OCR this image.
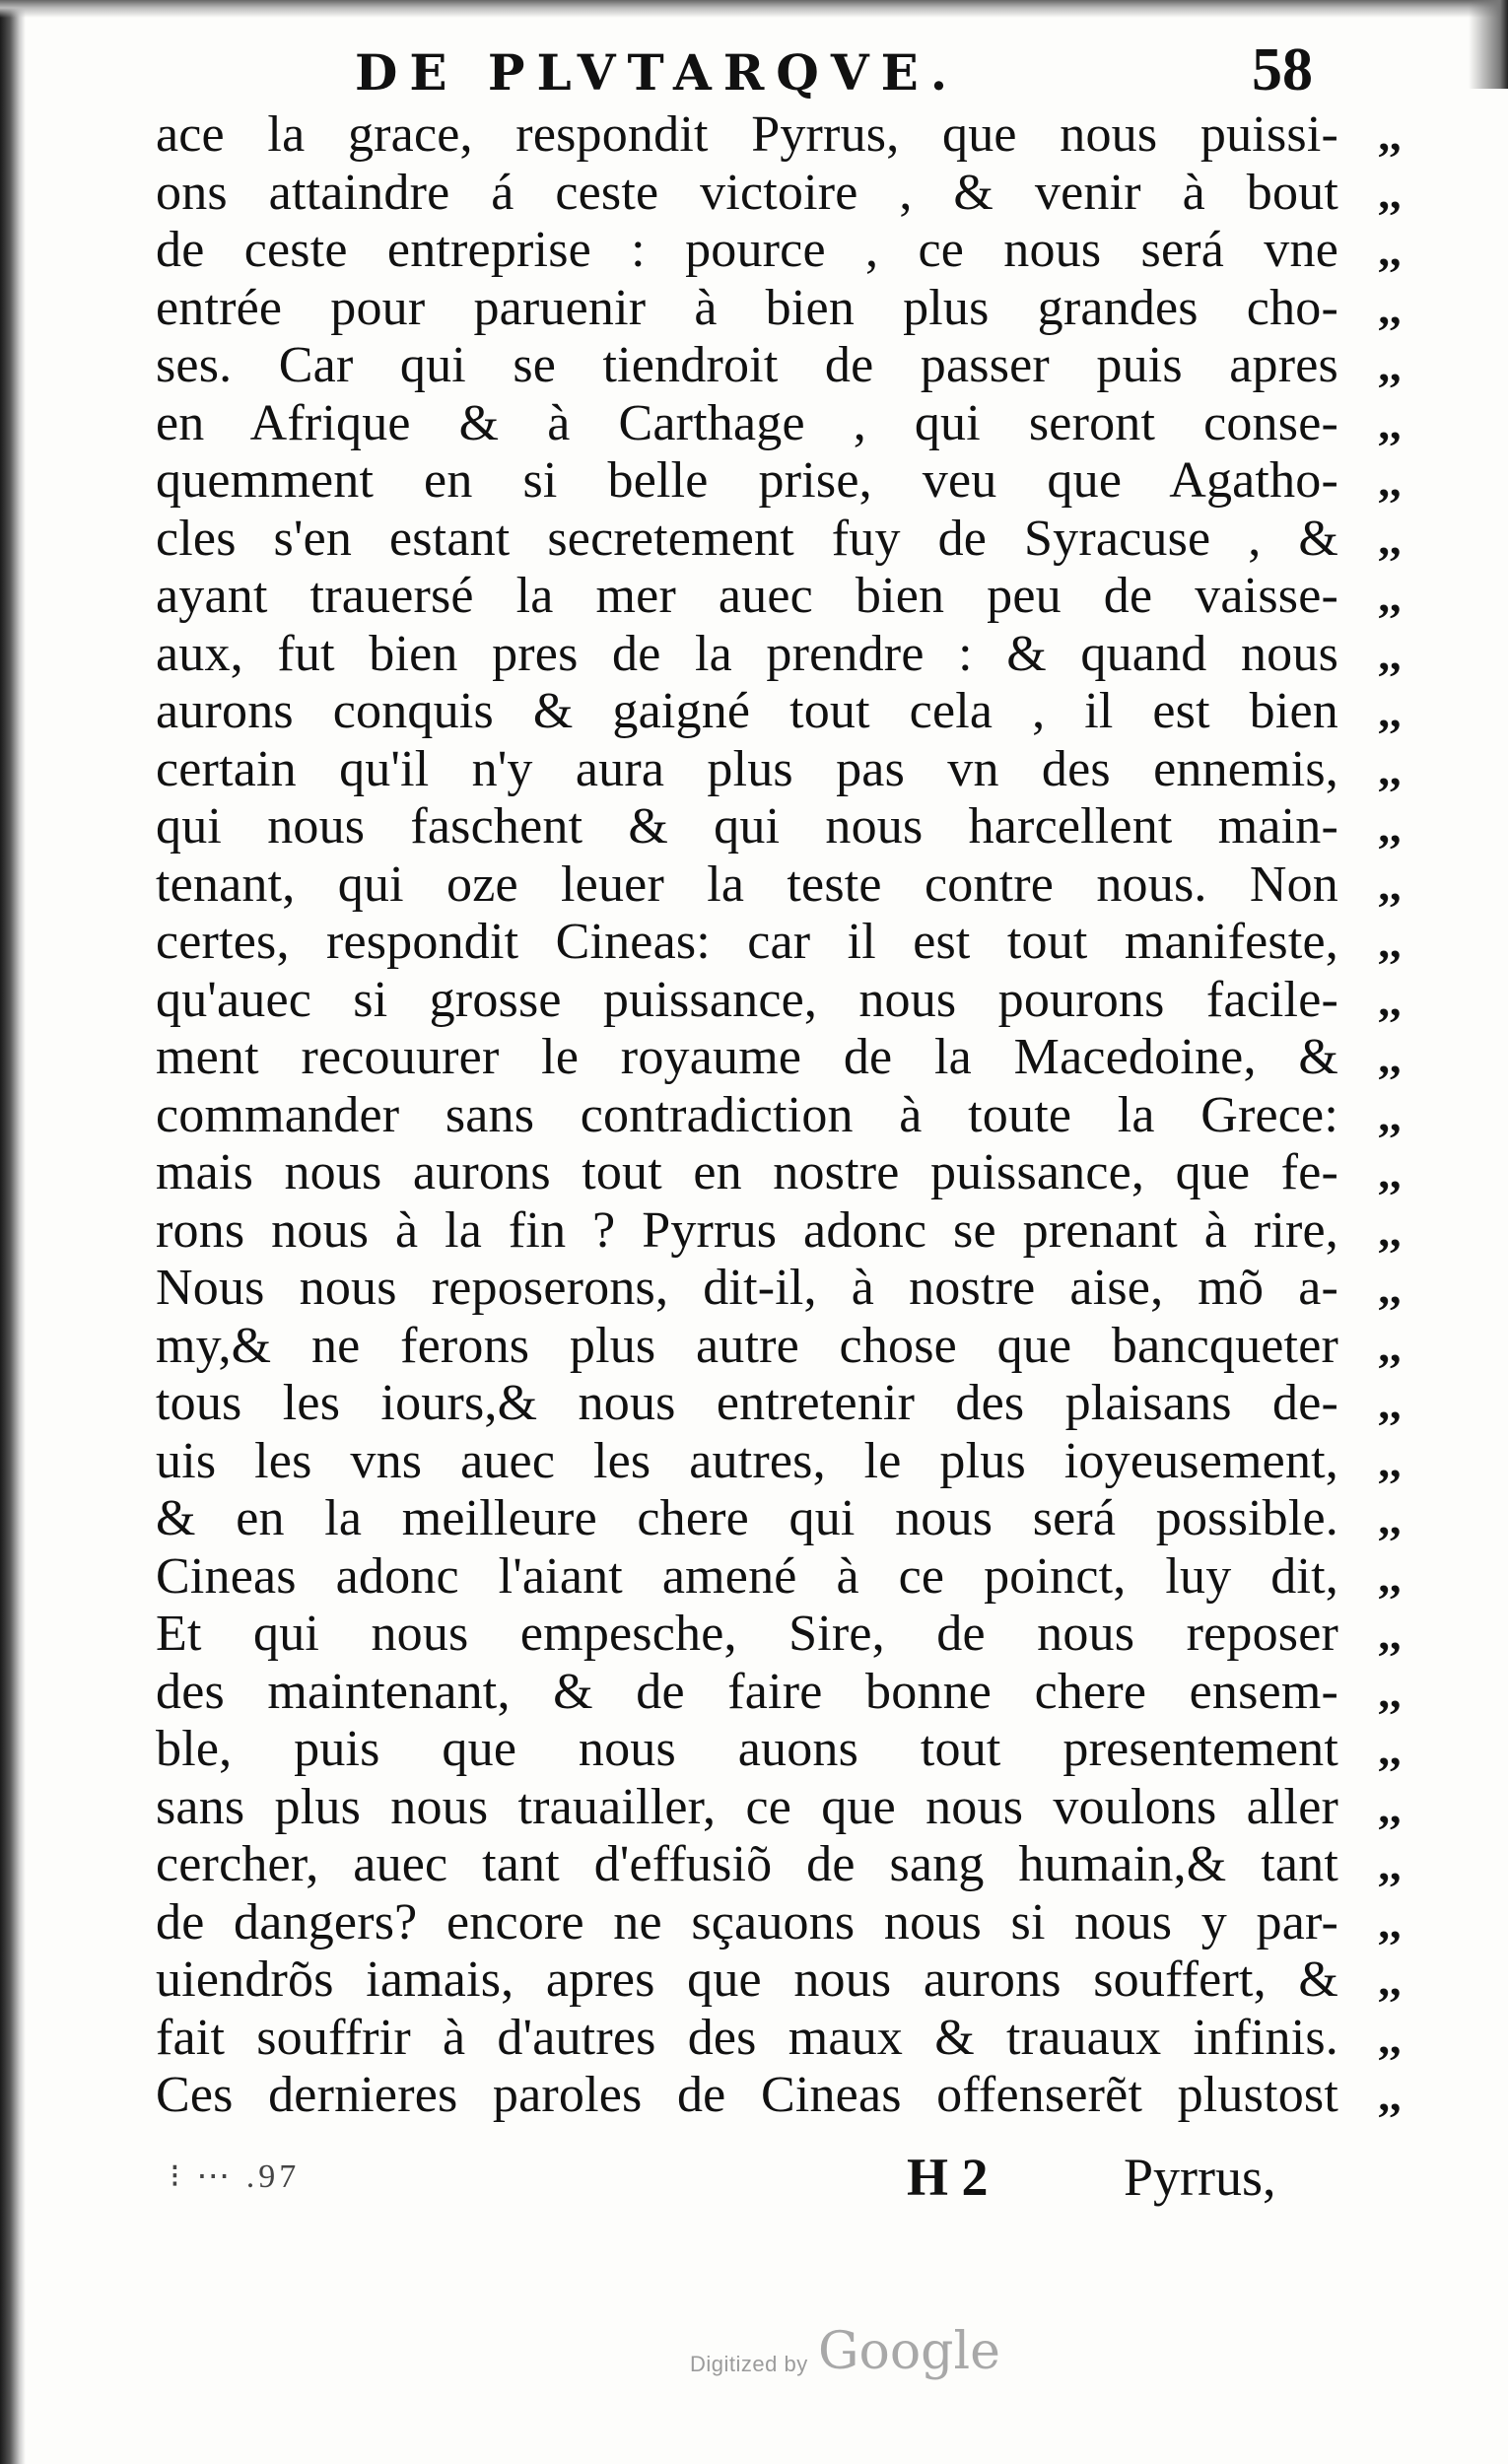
DE PLVTARQVE.	58
ace la grace, respondit Pyrrus, que nous puissi-
ons attaindre á ceste victoire , & venir à bout
de ceste entreprise : pource , ce nous será vne
entrée pour paruenir à bien plus grandes cho-
ses. Car qui se tiendroit de passer puis apres
en Afrique & à Carthage , qui seront conse-
quemment en si belle prise, veu que Agatho-
cles s'en estant secretement fuy de Syracuse , &
ayant trauersé la mer auec bien peu de vaisse-
aux, fut bien pres de la prendre : & quand nous
aurons conquis & gaigné tout cela , il est bien
certain qu'il n'y aura plus pas vn des ennemis,
qui nous faschent & qui nous harcellent main-
tenant, qui oze leuer la teste contre nous. Non
certes, respondit Cineas: car il est tout manifeste,
qu'auec si grosse puissance, nous pourons facile-
ment recouurer le royaume de la Macedoine, &
commander sans contradiction à toute la Grece:
mais nous aurons tout en nostre puissance, que fe-
rons nous à la fin ? Pyrrus adonc se prenant à rire,
Nous nous reposerons, dit-il, à nostre aise, mõ a-
my,& ne ferons plus autre chose que bancqueter
tous les iours,& nous entretenir des plaisans de-
uis les vns auec les autres, le plus ioyeusement,
& en la meilleure chere qui nous será possible.
Cineas adonc l'aiant amené à ce poinct, luy dit,
Et qui nous empesche, Sire, de nous reposer
des maintenant, & de faire bonne chere ensem-
ble, puis que nous auons tout presentement
sans plus nous trauailler, ce que nous voulons aller
cercher, auec tant d'effusiõ de sang humain,& tant
de dangers? encore ne sçauons nous si nous y par-
uiendrõs iamais, apres que nous aurons souffert, &
fait souffrir à d'autres des maux & trauaux infinis.
Ces dernieres paroles de Cineas offenserẽt plustost
,,
,,
,,
,,
,,
,,
,,
,,
,,
,,
,,
,,
,,
,,
,,
,,
,,
,,
,,
,,
,,
,,
,,
,,
,,
,,
,,
,,
,,
,,
,,
,,
,,
,,
,,
⁝ ⋯ .97	H 2	Pyrrus,
Digitized by Google
